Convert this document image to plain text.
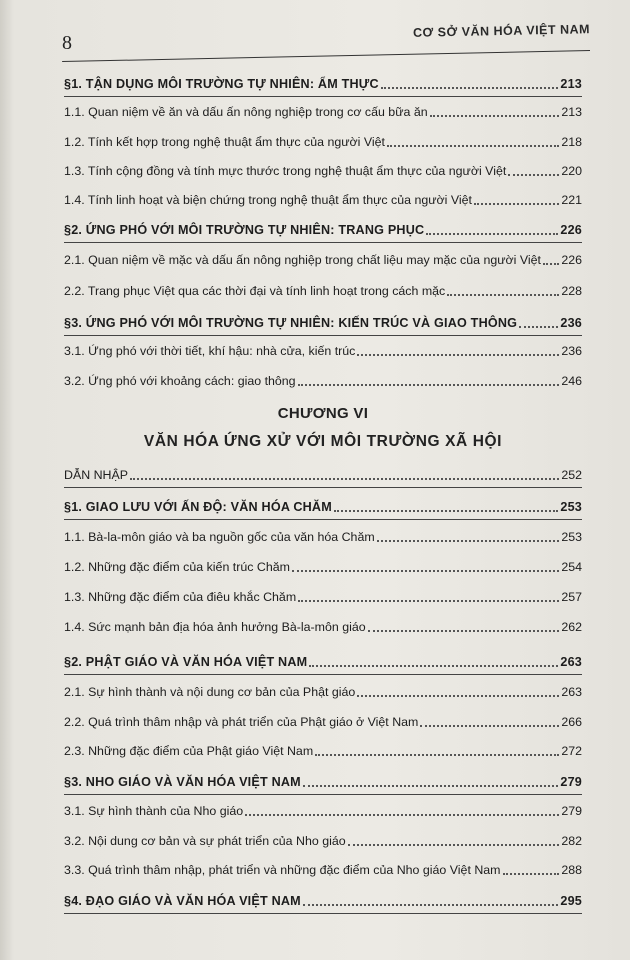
8
CƠ SỞ VĂN HÓA VIỆT NAM
§1. TẬN DỤNG MÔI TRƯỜNG TỰ NHIÊN: ẨM THỰC	213
1.1. Quan niệm về ăn và dấu ấn nông nghiệp trong cơ cấu bữa ăn	213
1.2. Tính kết hợp trong nghệ thuật ẩm thực của người Việt	218
1.3. Tính cộng đồng và tính mực thước trong nghệ thuật ẩm thực của người Việt	220
1.4. Tính linh hoạt và biện chứng trong nghệ thuật ẩm thực của người Việt	221
§2. ỨNG PHÓ VỚI MÔI TRƯỜNG TỰ NHIÊN: TRANG PHỤC	226
2.1. Quan niệm về mặc và dấu ấn nông nghiệp trong chất liệu may mặc của người Việt 226
2.2. Trang phục Việt qua các thời đại và tính linh hoạt trong cách mặc	228
§3. ỨNG PHÓ VỚI MÔI TRƯỜNG TỰ NHIÊN: KIẾN TRÚC VÀ GIAO THÔNG	236
3.1. Ứng phó với thời tiết, khí hậu: nhà cửa, kiến trúc	236
3.2. Ứng phó với khoảng cách: giao thông	246
CHƯƠNG VI
VĂN HÓA ỨNG XỬ VỚI MÔI TRƯỜNG XÃ HỘI
DẪN NHẬP	252
§1. GIAO LƯU VỚI ẤN ĐỘ: VĂN HÓA CHĂM	253
1.1. Bà-la-môn giáo và ba nguồn gốc của văn hóa Chăm	253
1.2. Những đặc điểm của kiến trúc Chăm	254
1.3. Những đặc điểm của điêu khắc Chăm	257
1.4. Sức mạnh bản địa hóa ảnh hưởng Bà-la-môn giáo	262
§2. PHẬT GIÁO VÀ VĂN HÓA VIỆT NAM	263
2.1. Sự hình thành và nội dung cơ bản của Phật giáo	263
2.2. Quá trình thâm nhập và phát triển của Phật giáo ở Việt Nam	266
2.3. Những đặc điểm của Phật giáo Việt Nam	272
§3. NHO GIÁO VÀ VĂN HÓA VIỆT NAM	279
3.1. Sự hình thành của Nho giáo	279
3.2. Nội dung cơ bản và sự phát triển của Nho giáo	282
3.3. Quá trình thâm nhập, phát triển và những đặc điểm của Nho giáo Việt Nam	288
§4. ĐẠO GIÁO VÀ VĂN HÓA VIỆT NAM	295
